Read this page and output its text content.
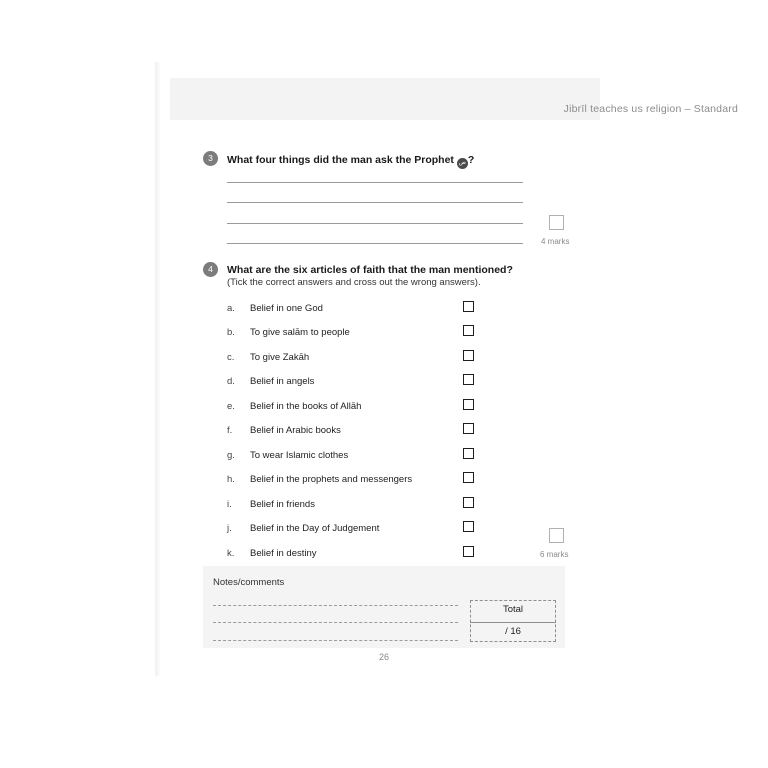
Jibrīl teaches us religion – Standard
3	What four things did the man ask the Prophet ص ?
4 marks
4	What are the six articles of faith that the man mentioned?
(Tick the correct answers and cross out the wrong answers).
a. Belief in one God
b. To give salām to people
c. To give Zakāh
d. Belief in angels
e. Belief in the books of Allāh
f. Belief in Arabic books
g. To wear Islamic clothes
h. Belief in the prophets and messengers
i. Belief in friends
j. Belief in the Day of Judgement
k. Belief in destiny	6 marks
Notes/comments
Total
/ 16
26
